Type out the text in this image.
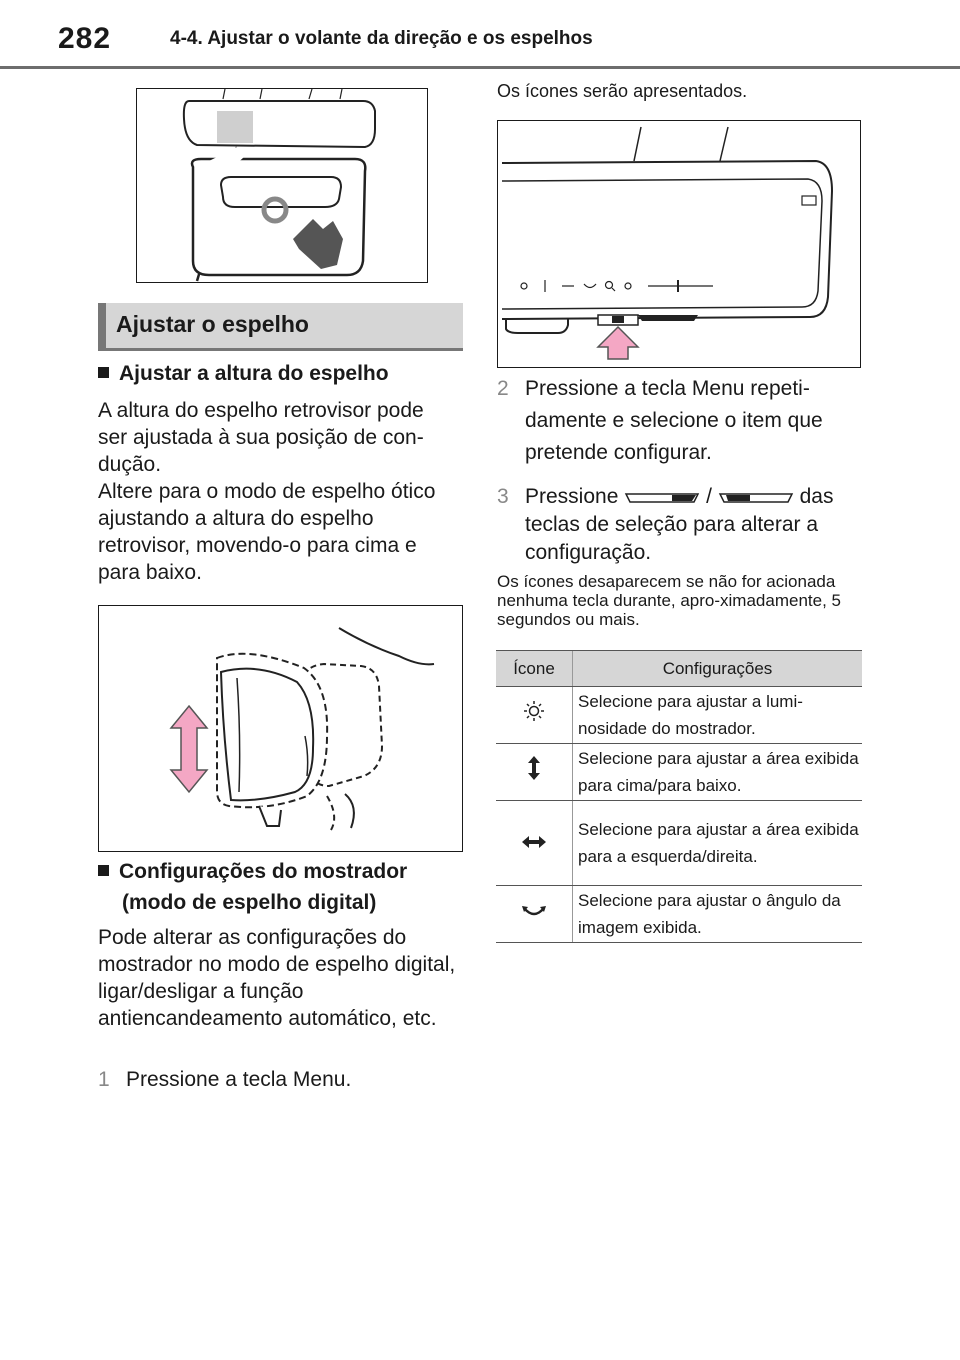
282	4-4. Ajustar o volante da direção e os espelhos
Ajustar o espelho
Ajustar a altura do espelho
A altura do espelho retrovisor pode ser ajustada à sua posição de con-dução.
Altere para o modo de espelho ótico ajustando a altura do espelho retrovisor, movendo-o para cima e para baixo.
Configurações do mostrador
(modo de espelho digital)
Pode alterar as configurações do mostrador no modo de espelho digital, ligar/desligar a função antiencandeamento automático, etc.
1 Pressione a tecla Menu.
Os ícones serão apresentados.
2 Pressione a tecla Menu repeti-
damente e selecione o item que
pretende configurar.
3 Pressione	/	das
teclas de seleção para alterar a
configuração.
Os ícones desaparecem se não for acionada nenhuma tecla durante, apro-ximadamente, 5 segundos ou mais.
Ícone	Configurações
	Selecione para ajustar a lumi-nosidade do mostrador.
	Selecione para ajustar a área exibida para cima/para baixo.
	Selecione para ajustar a área exibida para a esquerda/direita.
	Selecione para ajustar o ângulo da imagem exibida.
